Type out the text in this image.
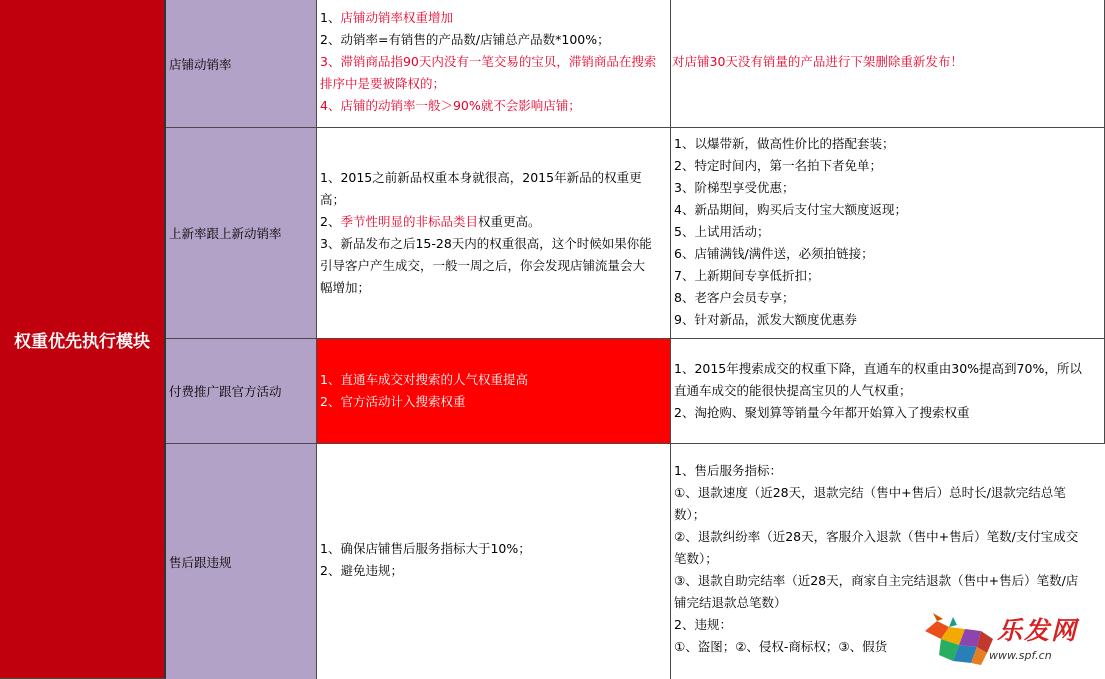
权重优先执行模块
店铺动销率
1、店铺动销率权重增加
2、动销率=有销售的产品数/店铺总产品数*100%；
3、滞销商品指90天内没有一笔交易的宝贝，滞销商品在搜索
排序中是要被降权的；
4、店铺的动销率一般＞90%就不会影响店铺；
对店铺30天没有销量的产品进行下架删除重新发布！
上新率跟上新动销率
1、2015之前新品权重本身就很高，2015年新品的权重更
高；
2、季节性明显的非标品类目权重更高。
3、新品发布之后15-28天内的权重很高，这个时候如果你能
引导客户产生成交，一般一周之后，你会发现店铺流量会大
幅增加；
1、以爆带新，做高性价比的搭配套装；
2、特定时间内，第一名拍下者免单；
3、阶梯型享受优惠；
4、新品期间，购买后支付宝大额度返现；
5、上试用活动；
6、店铺满钱/满件送，必须拍链接；
7、上新期间专享低折扣；
8、老客户会员专享；
9、针对新品，派发大额度优惠券
付费推广跟官方活动
1、直通车成交对搜索的人气权重提高
2、官方活动计入搜索权重
1、2015年搜索成交的权重下降，直通车的权重由30%提高到70%，所以
直通车成交的能很快提高宝贝的人气权重；
2、淘抢购、聚划算等销量今年都开始算入了搜索权重
售后跟违规
1、确保店铺售后服务指标大于10%；
2、避免违规；
1、售后服务指标：
①、退款速度（近28天，退款完结（售中+售后）总时长/退款完结总笔
数）；
②、退款纠纷率（近28天，客服介入退款（售中+售后）笔数/支付宝成交
笔数）；
③、退款自助完结率（近28天，商家自主完结退款（售中+售后）笔数/店
铺完结退款总笔数）
2、违规：
①、盗图；②、侵权-商标权；③、假货
乐发网
www.spf.cn
